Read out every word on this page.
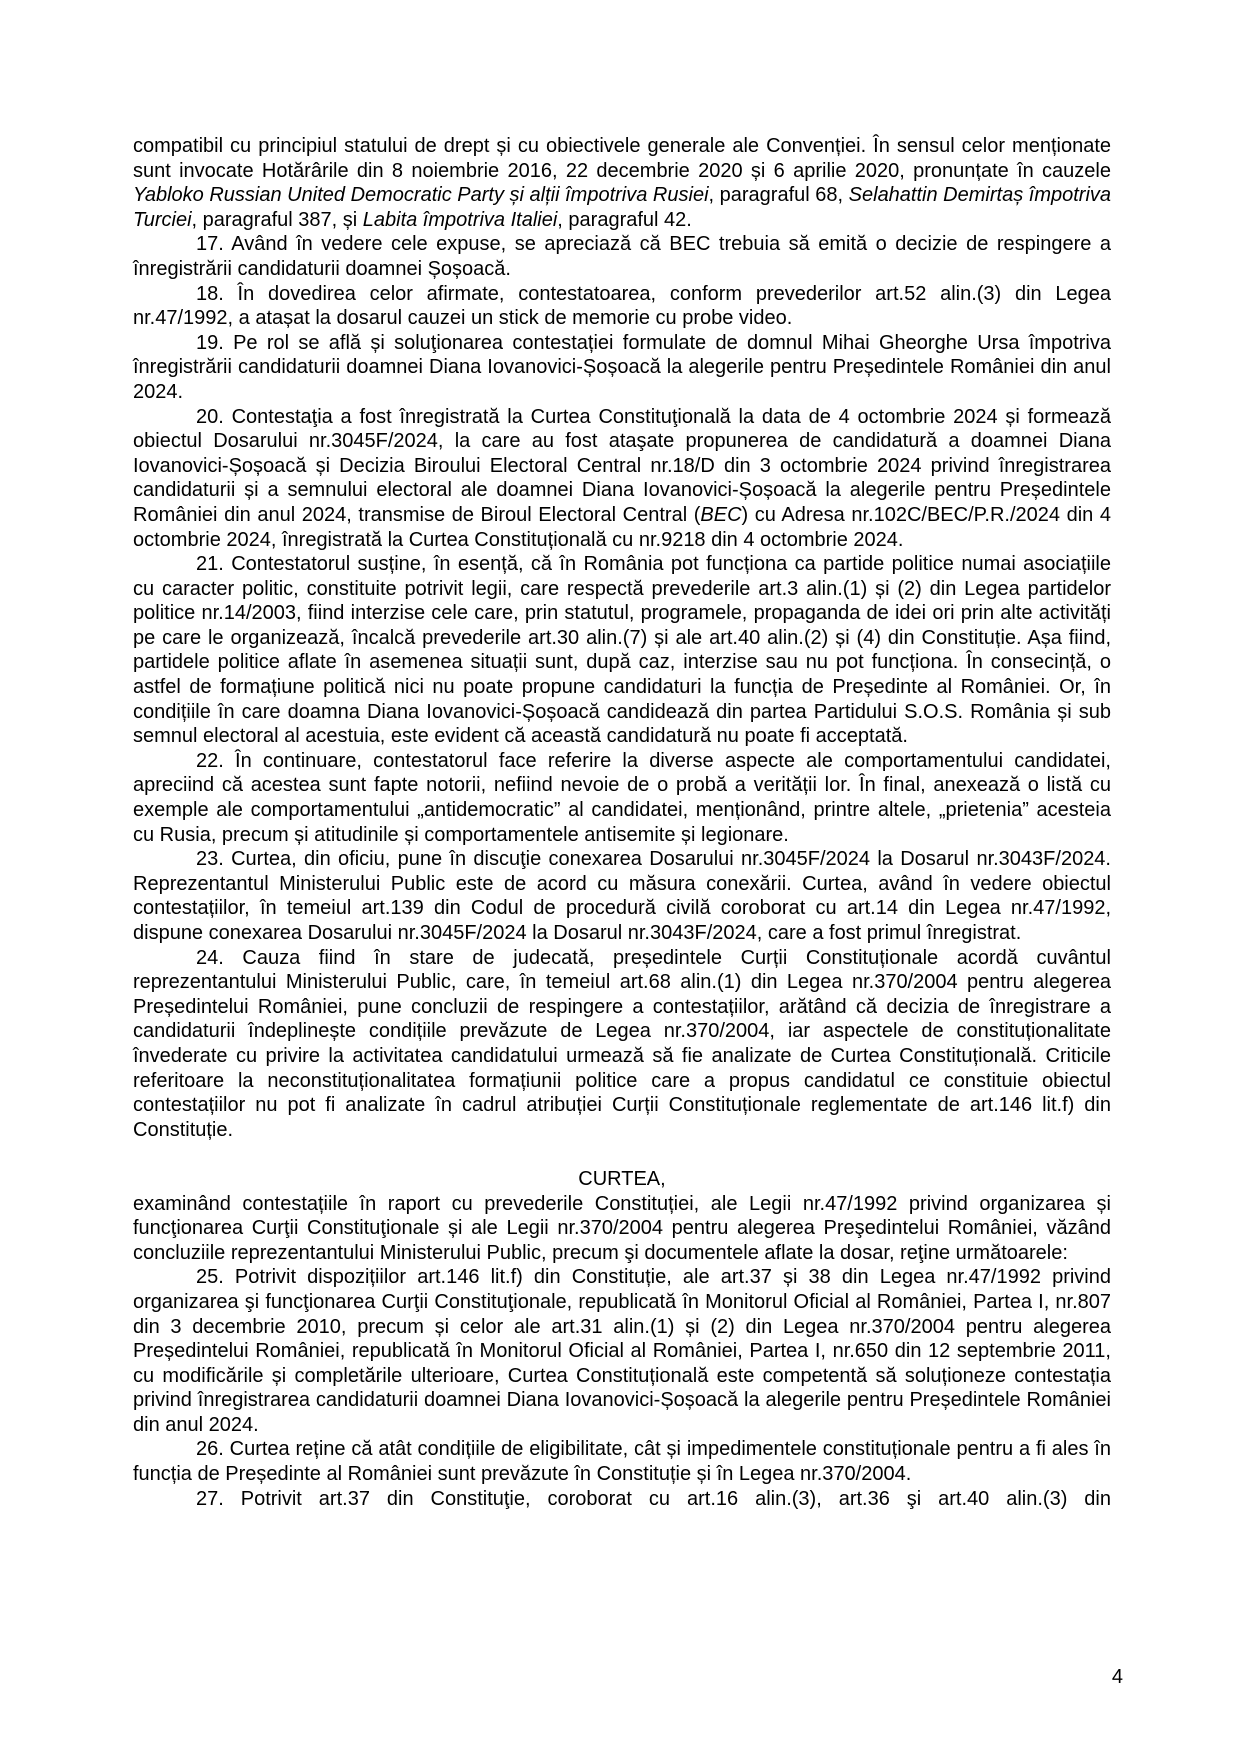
compatibil cu principiul statului de drept și cu obiectivele generale ale Convenției. În sensul celor menționate sunt invocate Hotărârile din 8 noiembrie 2016, 22 decembrie 2020 și 6 aprilie 2020, pronunțate în cauzele Yabloko Russian United Democratic Party și alții împotriva Rusiei, paragraful 68, Selahattin Demirtaș împotriva Turciei, paragraful 387, și Labita împotriva Italiei, paragraful 42.

17. Având în vedere cele expuse, se apreciază că BEC trebuia să emită o decizie de respingere a înregistrării candidaturii doamnei Șoșoacă.

18. În dovedirea celor afirmate, contestatoarea, conform prevederilor art.52 alin.(3) din Legea nr.47/1992, a atașat la dosarul cauzei un stick de memorie cu probe video.

19. Pe rol se află și soluţionarea contestației formulate de domnul Mihai Gheorghe Ursa împotriva înregistrării candidaturii doamnei Diana Iovanovici-Șoșoacă la alegerile pentru Președintele României din anul 2024.

20. Contestaţia a fost înregistrată la Curtea Constituţională la data de 4 octombrie 2024 și formează obiectul Dosarului nr.3045F/2024, la care au fost ataşate propunerea de candidatură a doamnei Diana Iovanovici-Șoșoacă și Decizia Biroului Electoral Central nr.18/D din 3 octombrie 2024 privind înregistrarea candidaturii și a semnului electoral ale doamnei Diana Iovanovici-Șoșoacă la alegerile pentru Președintele României din anul 2024, transmise de Biroul Electoral Central (BEC) cu Adresa nr.102C/BEC/P.R./2024 din 4 octombrie 2024, înregistrată la Curtea Constituțională cu nr.9218 din 4 octombrie 2024.

21. Contestatorul susține, în esență, că în România pot funcționa ca partide politice numai asociațiile cu caracter politic, constituite potrivit legii, care respectă prevederile art.3 alin.(1) și (2) din Legea partidelor politice nr.14/2003, fiind interzise cele care, prin statutul, programele, propaganda de idei ori prin alte activități pe care le organizează, încalcă prevederile art.30 alin.(7) și ale art.40 alin.(2) și (4) din Constituție. Așa fiind, partidele politice aflate în asemenea situații sunt, după caz, interzise sau nu pot funcționa. În consecință, o astfel de formațiune politică nici nu poate propune candidaturi la funcția de Președinte al României. Or, în condițiile în care doamna Diana Iovanovici-Șoșoacă candidează din partea Partidului S.O.S. România și sub semnul electoral al acestuia, este evident că această candidatură nu poate fi acceptată.

22. În continuare, contestatorul face referire la diverse aspecte ale comportamentului candidatei, apreciind că acestea sunt fapte notorii, nefiind nevoie de o probă a verității lor. În final, anexează o listă cu exemple ale comportamentului „antidemocratic” al candidatei, menționând, printre altele, „prietenia” acesteia cu Rusia, precum și atitudinile și comportamentele antisemite și legionare.

23. Curtea, din oficiu, pune în discuţie conexarea Dosarului nr.3045F/2024 la Dosarul nr.3043F/2024. Reprezentantul Ministerului Public este de acord cu măsura conexării. Curtea, având în vedere obiectul contestațiilor, în temeiul art.139 din Codul de procedură civilă coroborat cu art.14 din Legea nr.47/1992, dispune conexarea Dosarului nr.3045F/2024 la Dosarul nr.3043F/2024, care a fost primul înregistrat.

24. Cauza fiind în stare de judecată, președintele Curții Constituționale acordă cuvântul reprezentantului Ministerului Public, care, în temeiul art.68 alin.(1) din Legea nr.370/2004 pentru alegerea Președintelui României, pune concluzii de respingere a contestațiilor, arătând că decizia de înregistrare a candidaturii îndeplinește condițiile prevăzute de Legea nr.370/2004, iar aspectele de constituționalitate învederate cu privire la activitatea candidatului urmează să fie analizate de Curtea Constituțională. Criticile referitoare la neconstituționalitatea formațiunii politice care a propus candidatul ce constituie obiectul contestațiilor nu pot fi analizate în cadrul atribuției Curții Constituționale reglementate de art.146 lit.f) din Constituție.

CURTEA,

examinând contestațiile în raport cu prevederile Constituției, ale Legii nr.47/1992 privind organizarea și funcţionarea Curţii Constituţionale și ale Legii nr.370/2004 pentru alegerea Preşedintelui României, văzând concluziile reprezentantului Ministerului Public, precum şi documentele aflate la dosar, reţine următoarele:

25. Potrivit dispozițiilor art.146 lit.f) din Constituție, ale art.37 și 38 din Legea nr.47/1992 privind organizarea şi funcţionarea Curţii Constituţionale, republicată în Monitorul Oficial al României, Partea I, nr.807 din 3 decembrie 2010, precum și celor ale art.31 alin.(1) și (2) din Legea nr.370/2004 pentru alegerea Președintelui României, republicată în Monitorul Oficial al României, Partea I, nr.650 din 12 septembrie 2011, cu modificările și completările ulterioare, Curtea Constituțională este competentă să soluționeze contestația privind înregistrarea candidaturii doamnei Diana Iovanovici-Șoșoacă la alegerile pentru Președintele României din anul 2024.

26. Curtea reține că atât condițiile de eligibilitate, cât și impedimentele constituționale pentru a fi ales în funcția de Președinte al României sunt prevăzute în Constituție și în Legea nr.370/2004.

27. Potrivit art.37 din Constituţie, coroborat cu art.16 alin.(3), art.36 şi art.40 alin.(3) din

4
